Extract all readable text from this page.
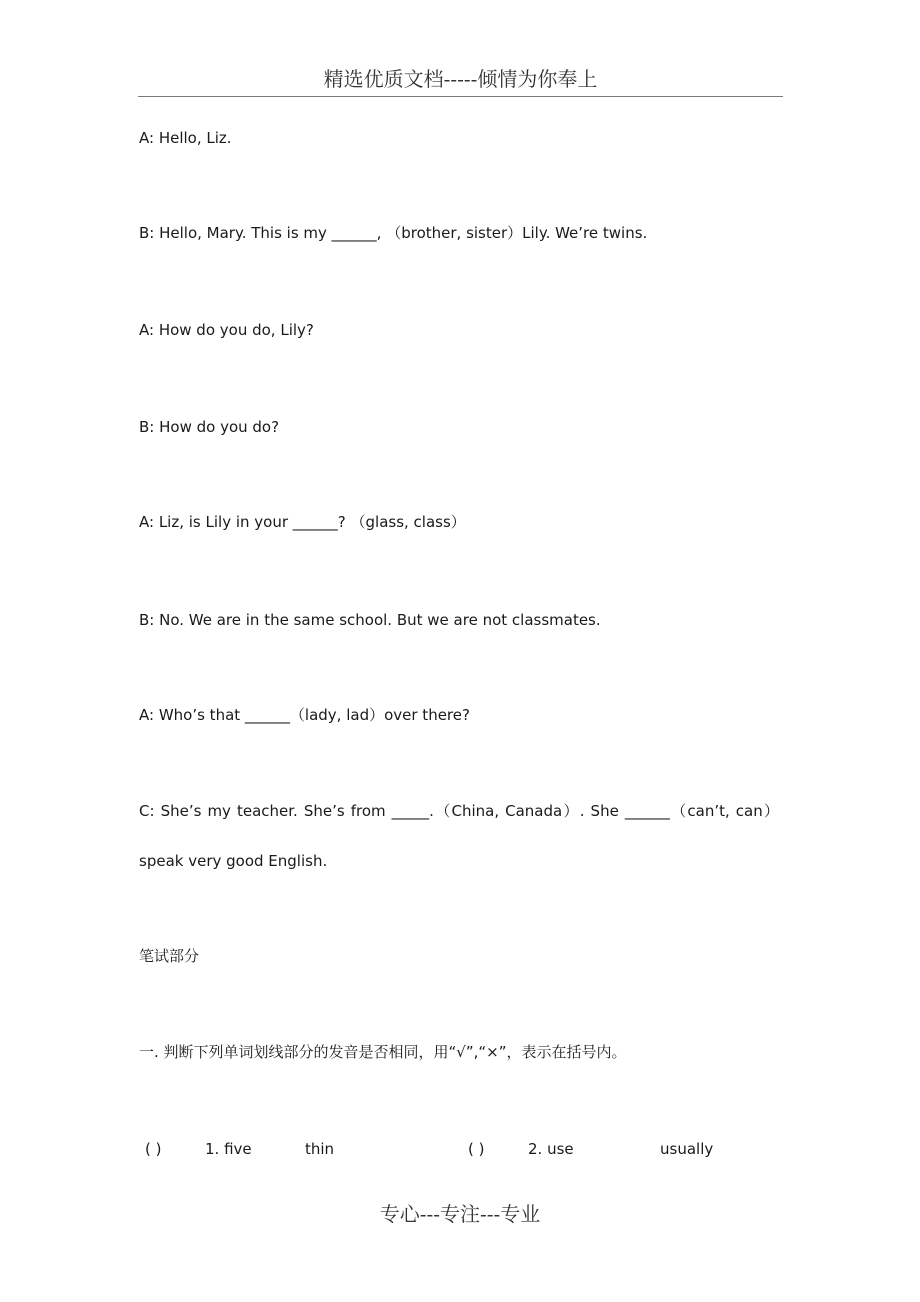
精选优质文档-----倾情为你奉上
A: Hello, Liz.
B: Hello, Mary. This is my ______, （brother, sister）Lily. We’re twins.
A: How do you do, Lily?
B: How do you do?
A: Liz, is Lily in your ______? （glass, class）
B: No. We are in the same school. But we are not classmates.
A: Who’s that ______（lady, lad）over there?
C: She’s my teacher. She’s from _____.（China, Canada）. She ______（can’t, can）
speak very good English.
笔试部分
一. 判断下列单词划线部分的发音是否相同，用“√”,“×”，表示在括号内。
( )	1. five	thin	( )	2. use	usually
专心---专注---专业
